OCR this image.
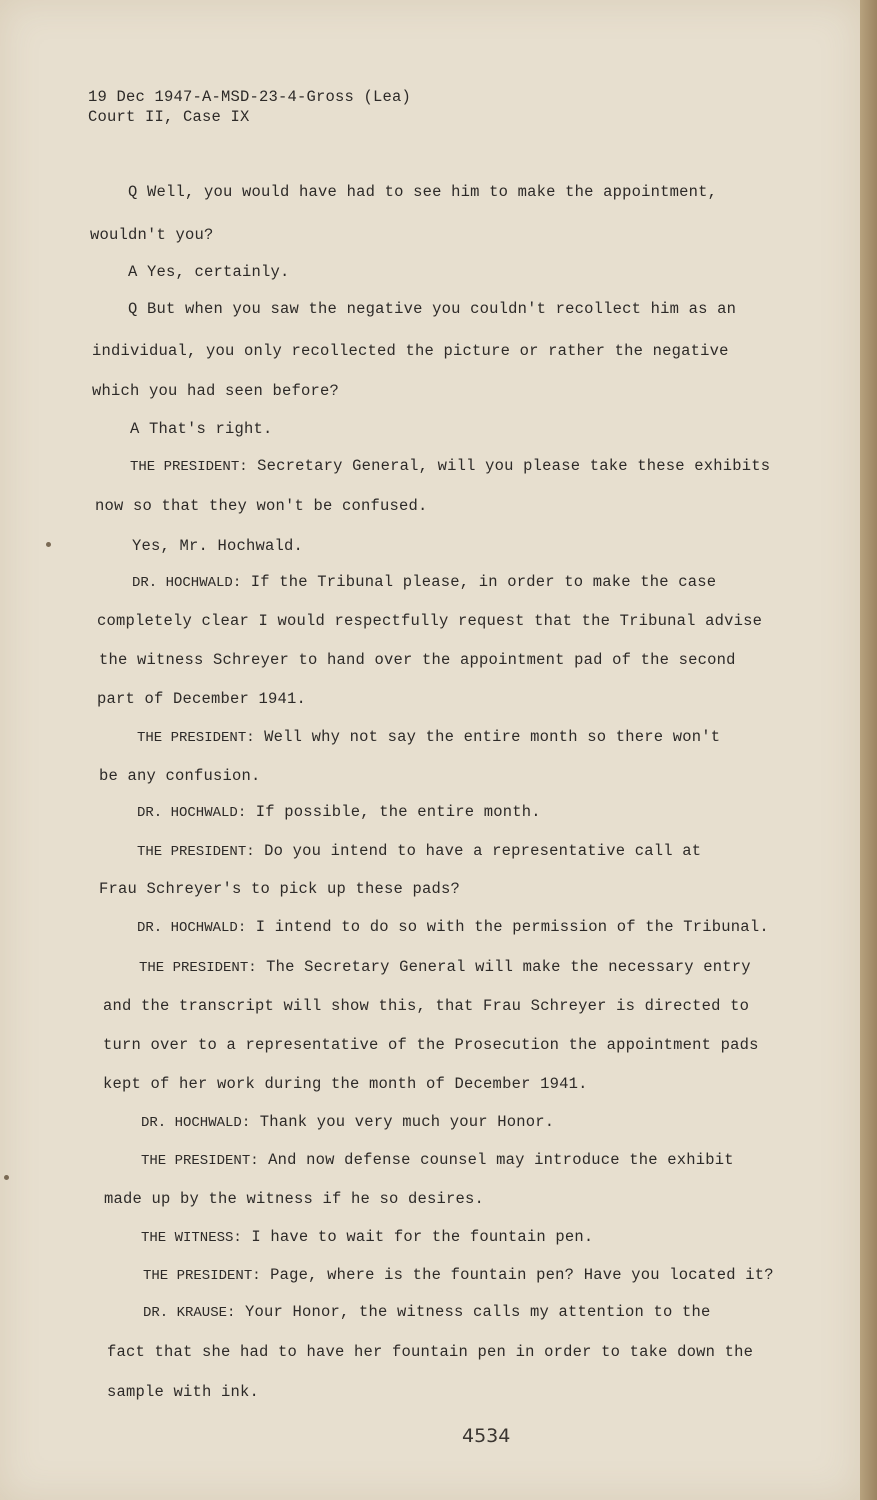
19 Dec 1947-A-MSD-23-4-Gross (Lea)
Court II, Case IX
Q Well, you would have had to see him to make the appointment,
wouldn't you?
A Yes, certainly.
Q But when you saw the negative you couldn't recollect him as an
individual, you only recollected the picture or rather the negative
which you had seen before?
A That's right.
THE PRESIDENT: Secretary General, will you please take these exhibits
now so that they won't be confused.
Yes, Mr. Hochwald.
DR. HOCHWALD: If the Tribunal please, in order to make the case
completely clear I would respectfully request that the Tribunal advise
the witness Schreyer to hand over the appointment pad of the second
part of December 1941.
THE PRESIDENT: Well why not say the entire month so there won't
be any confusion.
DR. HOCHWALD: If possible, the entire month.
THE PRESIDENT: Do you intend to have a representative call at
Frau Schreyer's to pick up these pads?
DR. HOCHWALD: I intend to do so with the permission of the Tribunal.
THE PRESIDENT: The Secretary General will make the necessary entry
and the transcript will show this, that Frau Schreyer is directed to
turn over to a representative of the Prosecution the appointment pads
kept of her work during the month of December 1941.
DR. HOCHWALD: Thank you very much your Honor.
THE PRESIDENT: And now defense counsel may introduce the exhibit
made up by the witness if he so desires.
THE WITNESS: I have to wait for the fountain pen.
THE PRESIDENT: Page, where is the fountain pen? Have you located it?
DR. KRAUSE: Your Honor, the witness calls my attention to the
fact that she had to have her fountain pen in order to take down the
sample with ink.
4534
